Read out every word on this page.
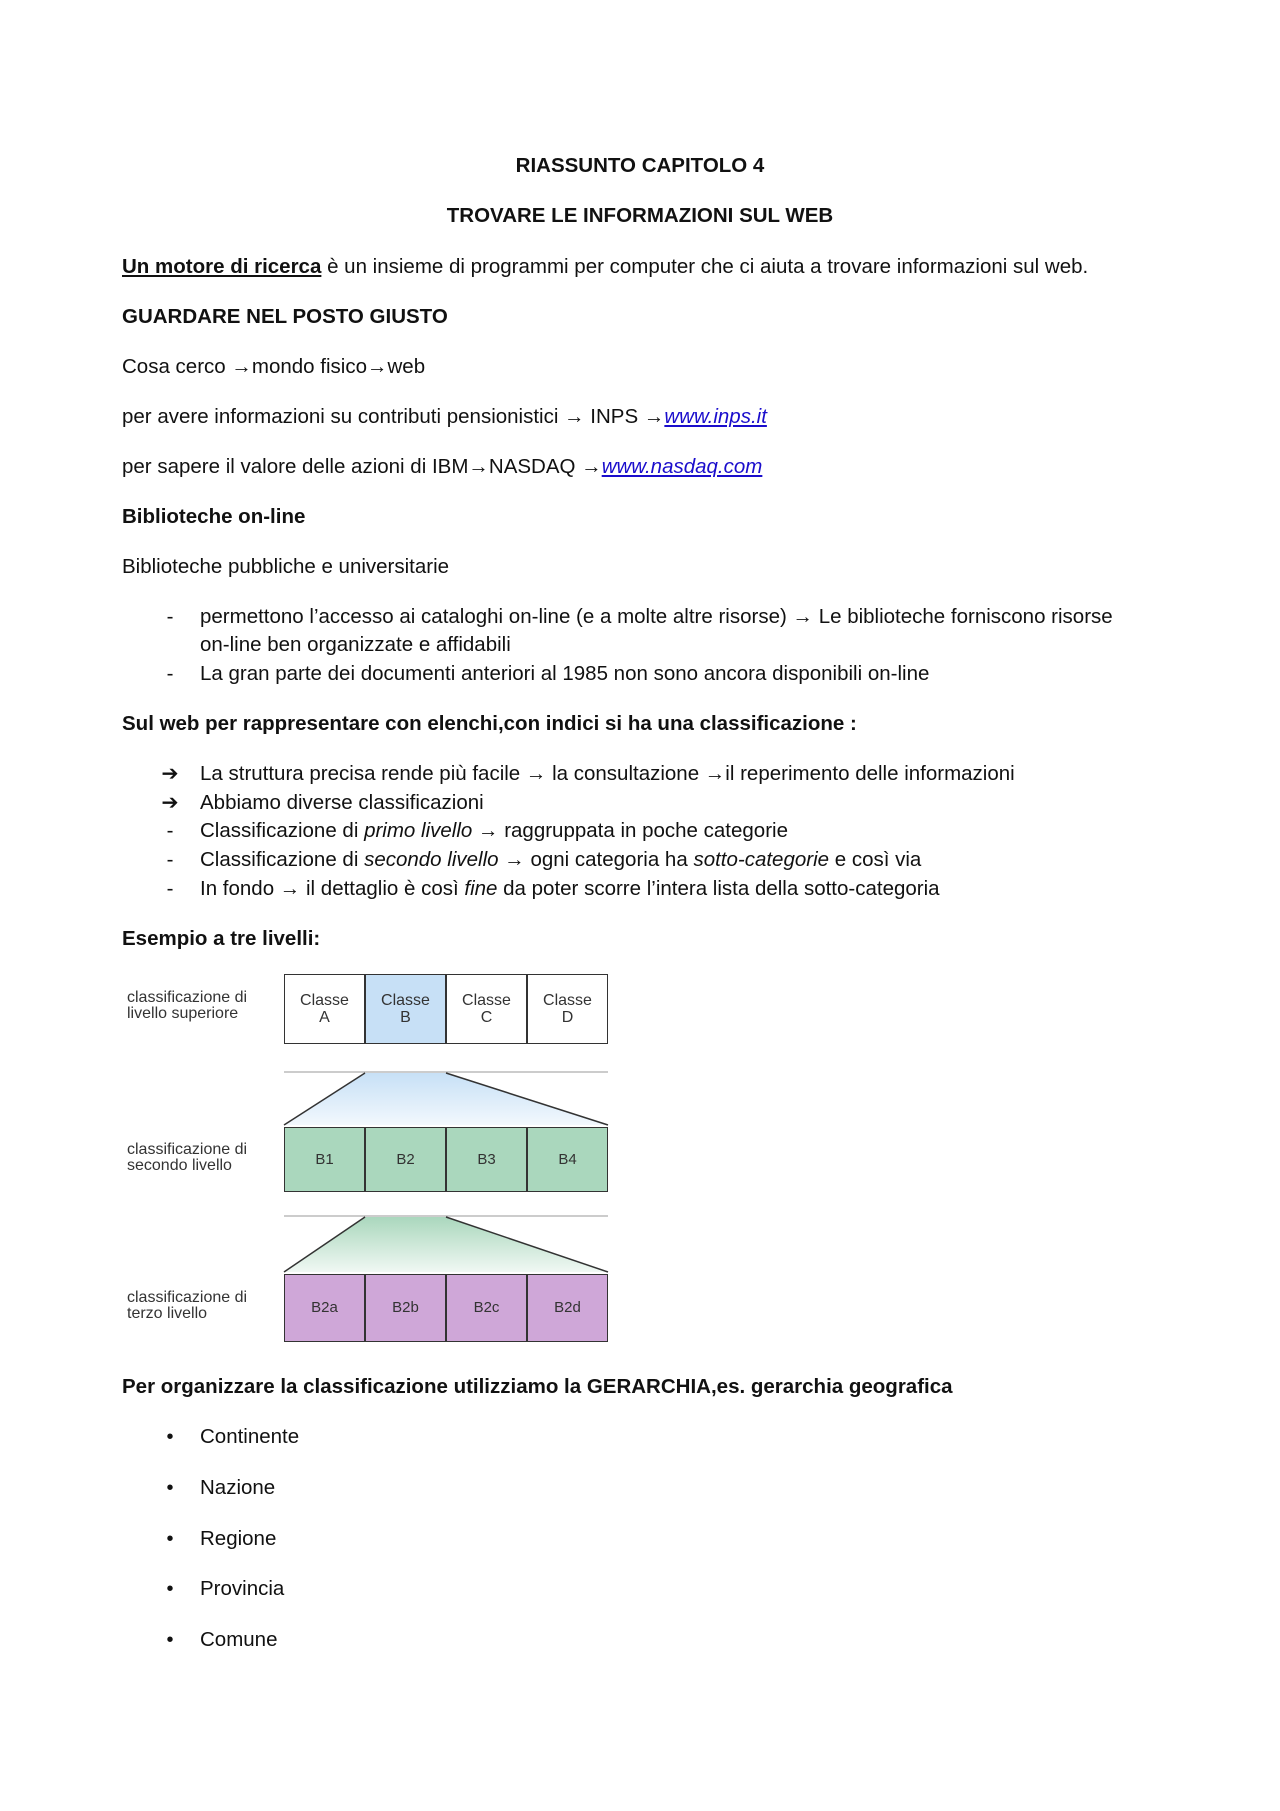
RIASSUNTO CAPITOLO 4

TROVARE LE INFORMAZIONI SUL WEB

Un motore di ricerca è un insieme di programmi per computer che ci aiuta a trovare informazioni sul web.

GUARDARE NEL POSTO GIUSTO

Cosa cerco →mondo fisico→web

per avere informazioni su contributi pensionistici → INPS →www.inps.it

per sapere il valore delle azioni di IBM→NASDAQ →www.nasdaq.com

Biblioteche on-line

Biblioteche pubbliche e universitarie

-	permettono l’accesso ai cataloghi on-line (e a molte altre risorse) → Le biblioteche forniscono risorse
on-line ben organizzate e affidabili
-	La gran parte dei documenti anteriori al 1985 non sono ancora disponibili on-line

Sul web per rappresentare con elenchi,con indici si ha una classificazione :

➔ La struttura precisa rende più facile → la consultazione →il reperimento delle informazioni
➔ Abbiamo diverse classificazioni
-	Classificazione di primo livello → raggruppata in poche categorie
-	Classificazione di secondo livello → ogni categoria ha sotto-categorie e così via
-	In fondo → il dettaglio è così fine da poter scorre l’intera lista della sotto-categoria

Esempio a tre livelli:

classificazione di
livello superiore
classificazione di
secondo livello
classificazione di
terzo livello
Classe
A
Classe
B
Classe
C
Classe
D
B1	B2	B3	B4
B2a	B2b	B2c	B2d

Per organizzare la classificazione utilizziamo la GERARCHIA,es. gerarchia geografica

•	Continente
•	Nazione
•	Regione
•	Provincia
•	Comune
